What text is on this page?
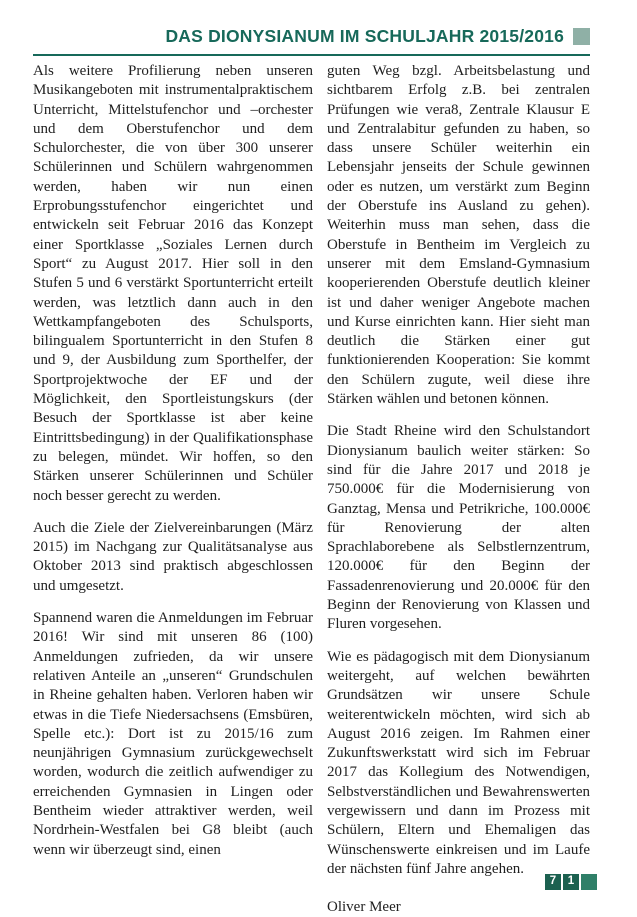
DAS DIONYSIANUM IM SCHULJAHR 2015/2016

Als weitere Profilierung neben unseren Musikangeboten mit instrumentalpraktischem Unterricht, Mittelstufenchor und –orchester und dem Oberstufenchor und dem Schulorchester, die von über 300 unserer Schülerinnen und Schülern wahrgenommen werden, haben wir nun einen Erprobungsstufenchor eingerichtet und entwickeln seit Februar 2016 das Konzept einer Sportklasse „Soziales Lernen durch Sport“ zu August 2017. Hier soll in den Stufen 5 und 6 verstärkt Sportunterricht erteilt werden, was letztlich dann auch in den Wettkampfangeboten des Schulsports, bilingualem Sportunterricht in den Stufen 8 und 9, der Ausbildung zum Sporthelfer, der Sportprojektwoche der EF und der Möglichkeit, den Sportleistungskurs (der Besuch der Sportklasse ist aber keine Eintrittsbedingung) in der Qualifikationsphase zu belegen, mündet. Wir hoffen, so den Stärken unserer Schülerinnen und Schüler noch besser gerecht zu werden.

Auch die Ziele der Zielvereinbarungen (März 2015) im Nachgang zur Qualitätsanalyse aus Oktober 2013 sind praktisch abgeschlossen und umgesetzt.

Spannend waren die Anmeldungen im Februar 2016! Wir sind mit unseren 86 (100) Anmeldungen zufrieden, da wir unsere relativen Anteile an „unseren“ Grundschulen in Rheine gehalten haben. Verloren haben wir etwas in die Tiefe Niedersachsens (Emsbüren, Spelle etc.): Dort ist zu 2015/16 zum neunjährigen Gymnasium zurückgewechselt worden, wodurch die zeitlich aufwendiger zu erreichenden Gymnasien in Lingen oder Bentheim wieder attraktiver werden, weil Nordrhein-Westfalen bei G8 bleibt (auch wenn wir überzeugt sind, einen

guten Weg bzgl. Arbeitsbelastung und sichtbarem Erfolg z.B. bei zentralen Prüfungen wie vera8, Zentrale Klausur E und Zentralabitur gefunden zu haben, so dass unsere Schüler weiterhin ein Lebensjahr jenseits der Schule gewinnen oder es nutzen, um verstärkt zum Beginn der Oberstufe ins Ausland zu gehen). Weiterhin muss man sehen, dass die Oberstufe in Bentheim im Vergleich zu unserer mit dem Emsland-Gymnasium kooperierenden Oberstufe deutlich kleiner ist und daher weniger Angebote machen und Kurse einrichten kann. Hier sieht man deutlich die Stärken einer gut funktionierenden Kooperation: Sie kommt den Schülern zugute, weil diese ihre Stärken wählen und betonen können.

Die Stadt Rheine wird den Schulstandort Dionysianum baulich weiter stärken: So sind für die Jahre 2017 und 2018 je 750.000€ für die Modernisierung von Ganztag, Mensa und Petrikriche, 100.000€ für Renovierung der alten Sprachlaborebene als Selbstlernzentrum, 120.000€ für den Beginn der Fassadenrenovierung und 20.000€ für den Beginn der Renovierung von Klassen und Fluren vorgesehen.

Wie es pädagogisch mit dem Dionysianum weitergeht, auf welchen bewährten Grundsätzen wir unsere Schule weiterentwickeln möchten, wird sich ab August 2016 zeigen. Im Rahmen einer Zukunftswerkstatt wird sich im Februar 2017 das Kollegium des Notwendigen, Selbstverständlichen und Bewahrenswerten vergewissern und dann im Prozess mit Schülern, Eltern und Ehemaligen das Wünschenswerte einkreisen und im Laufe der nächsten fünf Jahre angehen.

Oliver Meer

7	1
